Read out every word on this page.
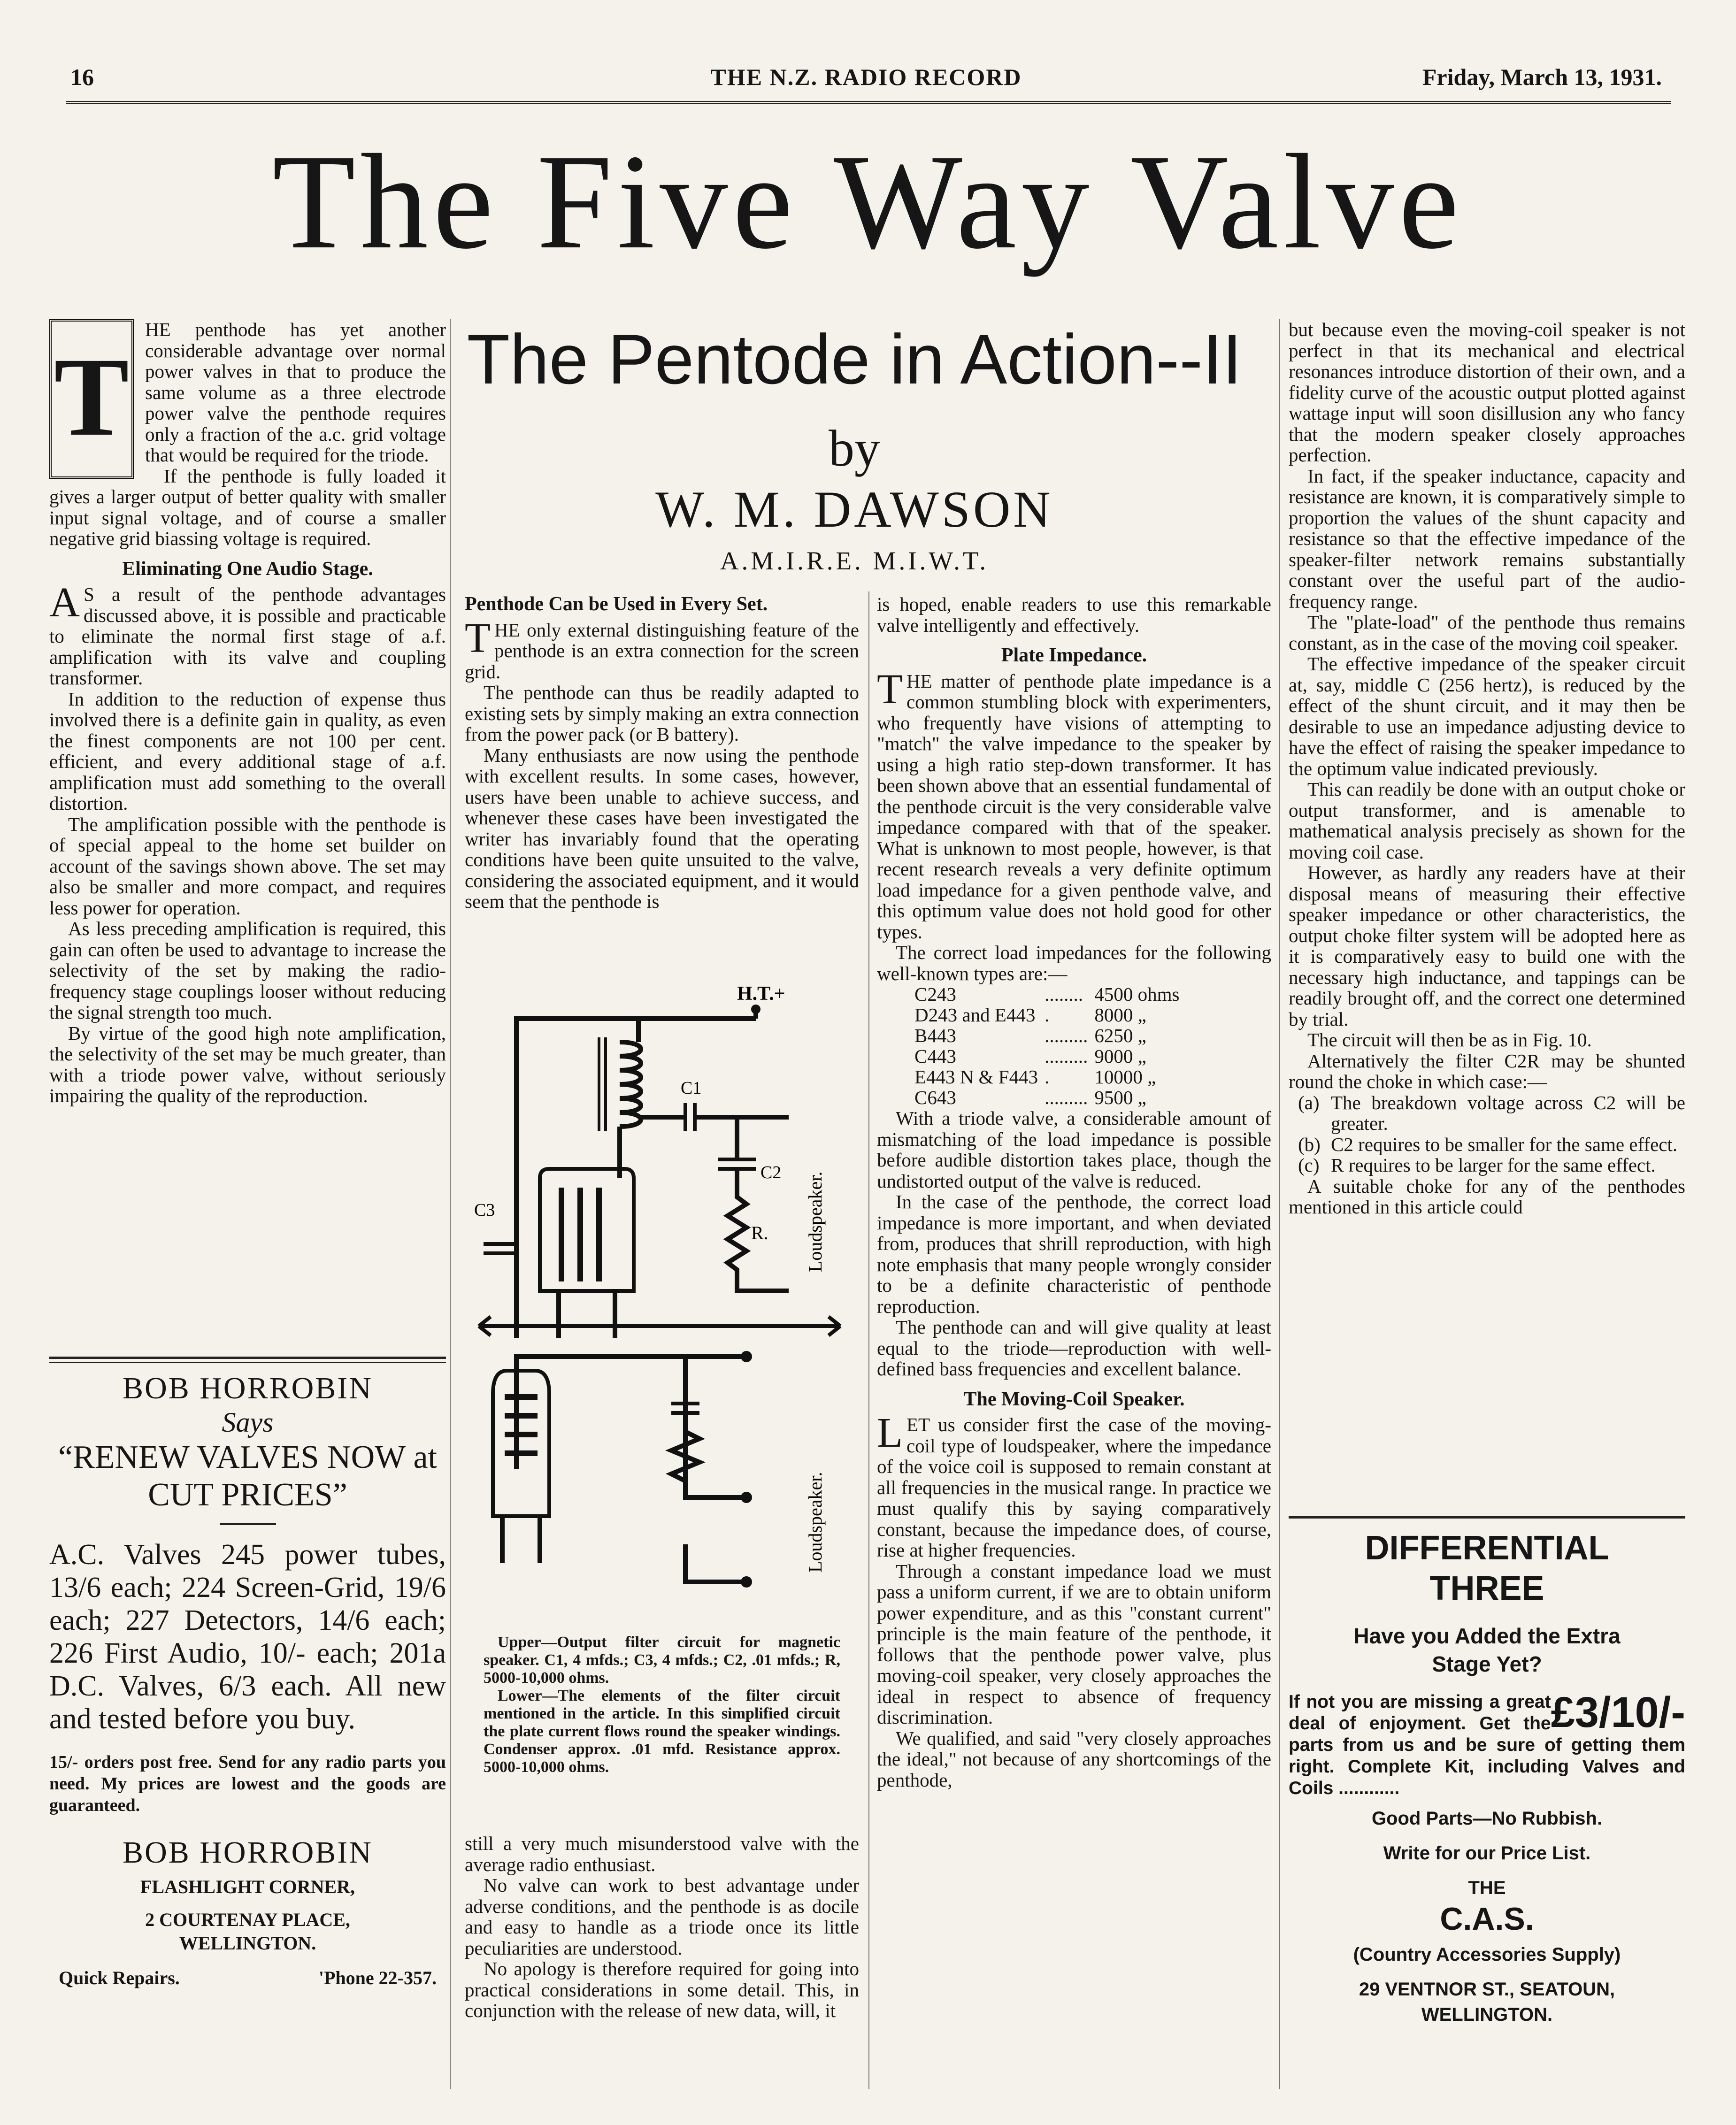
16	THE N.Z. RADIO RECORD	Friday, March 13, 1931.
The Five Way Valve
The Pentode in Action--II
by
W. M. DAWSON
A.M.I.R.E. M.I.W.T.
T

HE penthode has yet another considerable advantage over normal power valves in that to produce the same volume as a three electrode power valve the penthode requires only a fraction of the a.c. grid voltage that would be required for the triode.

If the penthode is fully loaded it gives a larger output of better quality with smaller input signal voltage, and of course a smaller negative grid biassing voltage is required.

Eliminating One Audio Stage.
A S a result of the penthode advantages discussed above, it is possible and practicable to eliminate the normal first stage of a.f. amplification with its valve and coupling transformer.

In addition to the reduction of expense thus involved there is a definite gain in quality, as even the finest components are not 100 per cent. efficient, and every additional stage of a.f. amplification must add something to the overall distortion.

The amplification possible with the penthode is of special appeal to the home set builder on account of the savings shown above. The set may also be smaller and more compact, and requires less power for operation.

As less preceding amplification is required, this gain can often be used to advantage to increase the selectivity of the set by making the radio-frequency stage couplings looser without reducing the signal strength too much.

By virtue of the good high note amplification, the selectivity of the set may be much greater, than with a triode power valve, without seriously impairing the quality of the reproduction.

BOB HORROBIN
Says
“RENEW VALVES NOW at CUT PRICES”
A.C. Valves 245 power tubes, 13/6 each; 224 Screen-Grid, 19/6 each; 227 Detectors, 14/6 each; 226 First Audio, 10/- each; 201a D.C. Valves, 6/3 each. All new and tested before you buy.
15/- orders post free. Send for any radio parts you need. My prices are lowest and the goods are guaranteed.
BOB HORROBIN
FLASHLIGHT CORNER,
2 COURTENAY PLACE,
WELLINGTON.
Quick Repairs.	'Phone 22-357.
Penthode Can be Used in Every Set.
T HE only external distinguishing feature of the penthode is an extra connection for the screen grid.

The penthode can thus be readily adapted to existing sets by simply making an extra connection from the power pack (or B battery).

Many enthusiasts are now using the penthode with excellent results. In some cases, however, users have been unable to achieve success, and whenever these cases have been investigated the writer has invariably found that the operating conditions have been quite unsuited to the valve, considering the associated equipment, and it would seem that the penthode is

H.T.+
C1
C2
R.
C3	Loudspeaker.
Loudspeaker.

Upper—Output filter circuit for magnetic speaker. C1, 4 mfds.; C3, 4 mfds.; C2, .01 mfds.; R, 5000-10,000 ohms.

Lower—The elements of the filter circuit mentioned in the article. In this simplified circuit the plate current flows round the speaker windings. Condenser approx. .01 mfd. Resistance approx. 5000-10,000 ohms.

still a very much misunderstood valve with the average radio enthusiast.

No valve can work to best advantage under adverse conditions, and the penthode is as docile and easy to handle as a triode once its little peculiarities are understood.

No apology is therefore required for going into practical considerations in some detail. This, in conjunction with the release of new data, will, it

is hoped, enable readers to use this remarkable valve intelligently and effectively.

Plate Impedance.
T HE matter of penthode plate impedance is a common stumbling block with experimenters, who frequently have visions of attempting to "match" the valve impedance to the speaker by using a high ratio step-down transformer. It has been shown above that an essential fundamental of the penthode circuit is the very considerable valve impedance compared with that of the speaker. What is unknown to most people, however, is that recent research reveals a very definite optimum load impedance for a given penthode valve, and this optimum value does not hold good for other types.

The correct load impedances for the following well-known types are:—

C243	........	4500 ohms
D243 and E443	.	8000 „
B443	.........	6250 „
C443	.........	9000 „
E443 N & F443	.	10000 „
C643	.........	9500 „

With a triode valve, a considerable amount of mismatching of the load impedance is possible before audible distortion takes place, though the undistorted output of the valve is reduced.

In the case of the penthode, the correct load impedance is more important, and when deviated from, produces that shrill reproduction, with high note emphasis that many people wrongly consider to be a definite characteristic of penthode reproduction.

The penthode can and will give quality at least equal to the triode—reproduction with well-defined bass frequencies and excellent balance.

The Moving-Coil Speaker.
L ET us consider first the case of the moving-coil type of loudspeaker, where the impedance of the voice coil is supposed to remain constant at all frequencies in the musical range. In practice we must qualify this by saying comparatively constant, because the impedance does, of course, rise at higher frequencies.

Through a constant impedance load we must pass a uniform current, if we are to obtain uniform power expenditure, and as this "constant current" principle is the main feature of the penthode, it follows that the penthode power valve, plus moving-coil speaker, very closely approaches the ideal in respect to absence of frequency discrimination.

We qualified, and said "very closely approaches the ideal," not because of any shortcomings of the penthode,

but because even the moving-coil speaker is not perfect in that its mechanical and electrical resonances introduce distortion of their own, and a fidelity curve of the acoustic output plotted against wattage input will soon disillusion any who fancy that the modern speaker closely approaches perfection.

In fact, if the speaker inductance, capacity and resistance are known, it is comparatively simple to proportion the values of the shunt capacity and resistance so that the effective impedance of the speaker-filter network remains substantially constant over the useful part of the audio-frequency range.

The "plate-load" of the penthode thus remains constant, as in the case of the moving coil speaker.

The effective impedance of the speaker circuit at, say, middle C (256 hertz), is reduced by the effect of the shunt circuit, and it may then be desirable to use an impedance adjusting device to have the effect of raising the speaker impedance to the optimum value indicated previously.

This can readily be done with an output choke or output transformer, and is amenable to mathematical analysis precisely as shown for the moving coil case.

However, as hardly any readers have at their disposal means of measuring their effective speaker impedance or other characteristics, the output choke filter system will be adopted here as it is comparatively easy to build one with the necessary high inductance, and tappings can be readily brought off, and the correct one determined by trial.

The circuit will then be as in Fig. 10.

Alternatively the filter C2R may be shunted round the choke in which case:—

(a) The breakdown voltage across C2 will be greater.
(b) C2 requires to be smaller for the same effect.
(c) R requires to be larger for the same effect.

A suitable choke for any of the penthodes mentioned in this article could

DIFFERENTIAL
THREE
Have you Added the Extra Stage Yet?
£3/10/-
If not you are missing a great deal of enjoyment. Get the parts from us and be sure of getting them right. Complete Kit, including Valves and Coils ............
Good Parts—No Rubbish.
Write for our Price List.
THE
C.A.S.
(Country Accessories Supply)
29 VENTNOR ST., SEATOUN,
WELLINGTON.
